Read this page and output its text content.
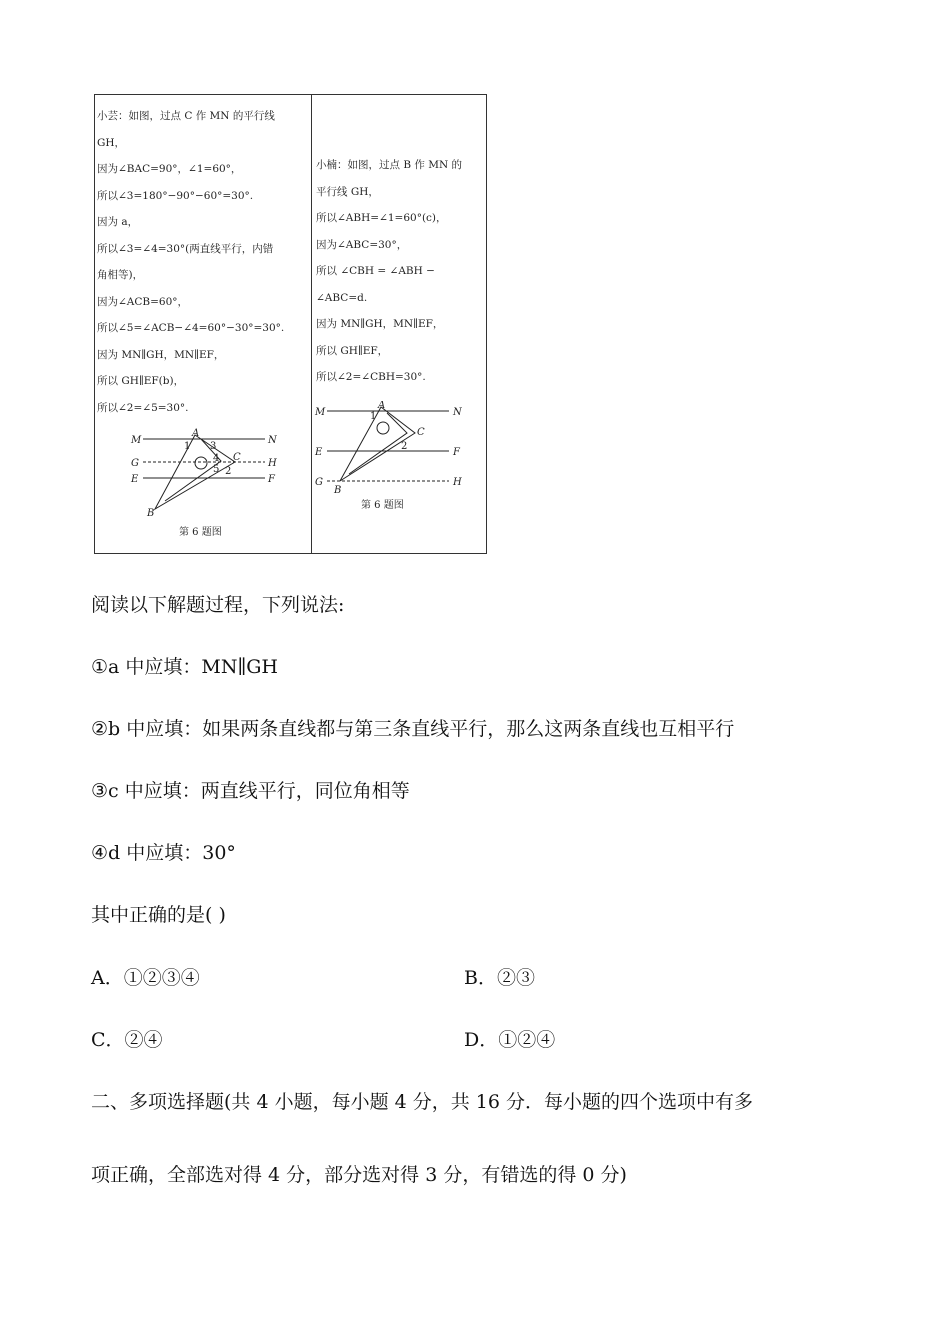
小芸：如图，过点 C 作 MN 的平行线
GH，
因为∠BAC=90°，∠1=60°，
所以∠3=180°−90°−60°=30°.
因为 a，
所以∠3=∠4=30°(两直线平行，内错
角相等)，
因为∠ACB=60°，
所以∠5=∠ACB−∠4=60°−30°=30°.
因为 MN∥GH，MN∥EF，
所以 GH∥EF(b)，
所以∠2=∠5=30°.
M	N
G	H
E	F
A
B
C
1 3
4
5 2
第 6 题图
小楠：如图，过点 B 作 MN 的
平行线 GH，
所以∠ABH=∠1=60°(c)，
因为∠ABC=30°，
所以 ∠CBH = ∠ABH −
∠ABC=d.
因为 MN∥GH，MN∥EF，
所以 GH∥EF，
所以∠2=∠CBH=30°.
M	N
E	F
G	H
A
B
C
1
2
第 6 题图
阅读以下解题过程，下列说法:
①a 中应填：MN∥GH
②b 中应填：如果两条直线都与第三条直线平行，那么这两条直线也互相平行
③c 中应填：两直线平行，同位角相等
④d 中应填：30°
其中正确的是( )
A．①②③④	B．②③
C．②④	D．①②④
二、多项选择题(共 4 小题，每小题 4 分，共 16 分．每小题的四个选项中有多
项正确，全部选对得 4 分，部分选对得 3 分，有错选的得 0 分)
